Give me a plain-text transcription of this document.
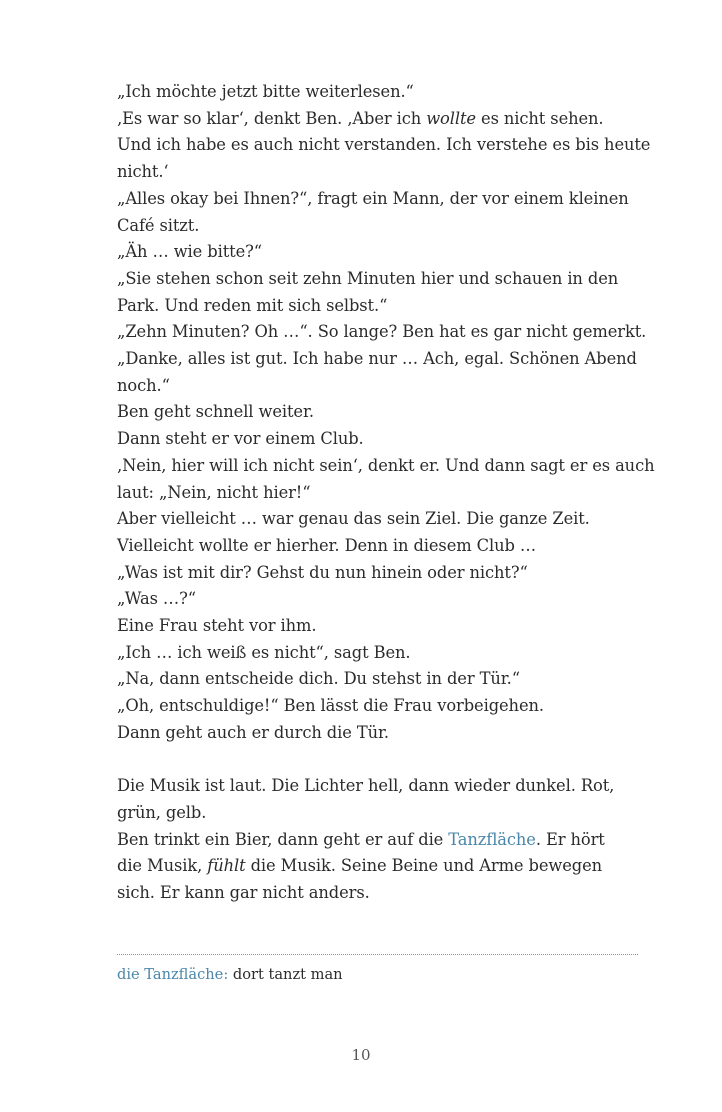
„Ich möchte jetzt bitte weiterlesen.“

‚Es war so klar‘, denkt Ben. ‚Aber ich wollte es nicht sehen.

Und ich habe es auch nicht verstanden. Ich verstehe es bis heute

nicht.‘

„Alles okay bei Ihnen?“, fragt ein Mann, der vor einem kleinen

Café sitzt.

„Äh … wie bitte?“

„Sie stehen schon seit zehn Minuten hier und schauen in den

Park. Und reden mit sich selbst.“

„Zehn Minuten? Oh …“. So lange? Ben hat es gar nicht gemerkt.

„Danke, alles ist gut. Ich habe nur … Ach, egal. Schönen Abend

noch.“

Ben geht schnell weiter.

Dann steht er vor einem Club.

‚Nein, hier will ich nicht sein‘, denkt er. Und dann sagt er es auch

laut: „Nein, nicht hier!“

Aber vielleicht … war genau das sein Ziel. Die ganze Zeit.

Vielleicht wollte er hierher. Denn in diesem Club …

„Was ist mit dir? Gehst du nun hinein oder nicht?“

„Was …?“

Eine Frau steht vor ihm.

„Ich … ich weiß es nicht“, sagt Ben.

„Na, dann entscheide dich. Du stehst in der Tür.“

„Oh, entschuldige!“ Ben lässt die Frau vorbeigehen.

Dann geht auch er durch die Tür.

Die Musik ist laut. Die Lichter hell, dann wieder dunkel. Rot,

grün, gelb.

Ben trinkt ein Bier, dann geht er auf die Tanzfläche. Er hört

die Musik, fühlt die Musik. Seine Beine und Arme bewegen

sich. Er kann gar nicht anders.

die Tanzfläche: dort tanzt man
10
